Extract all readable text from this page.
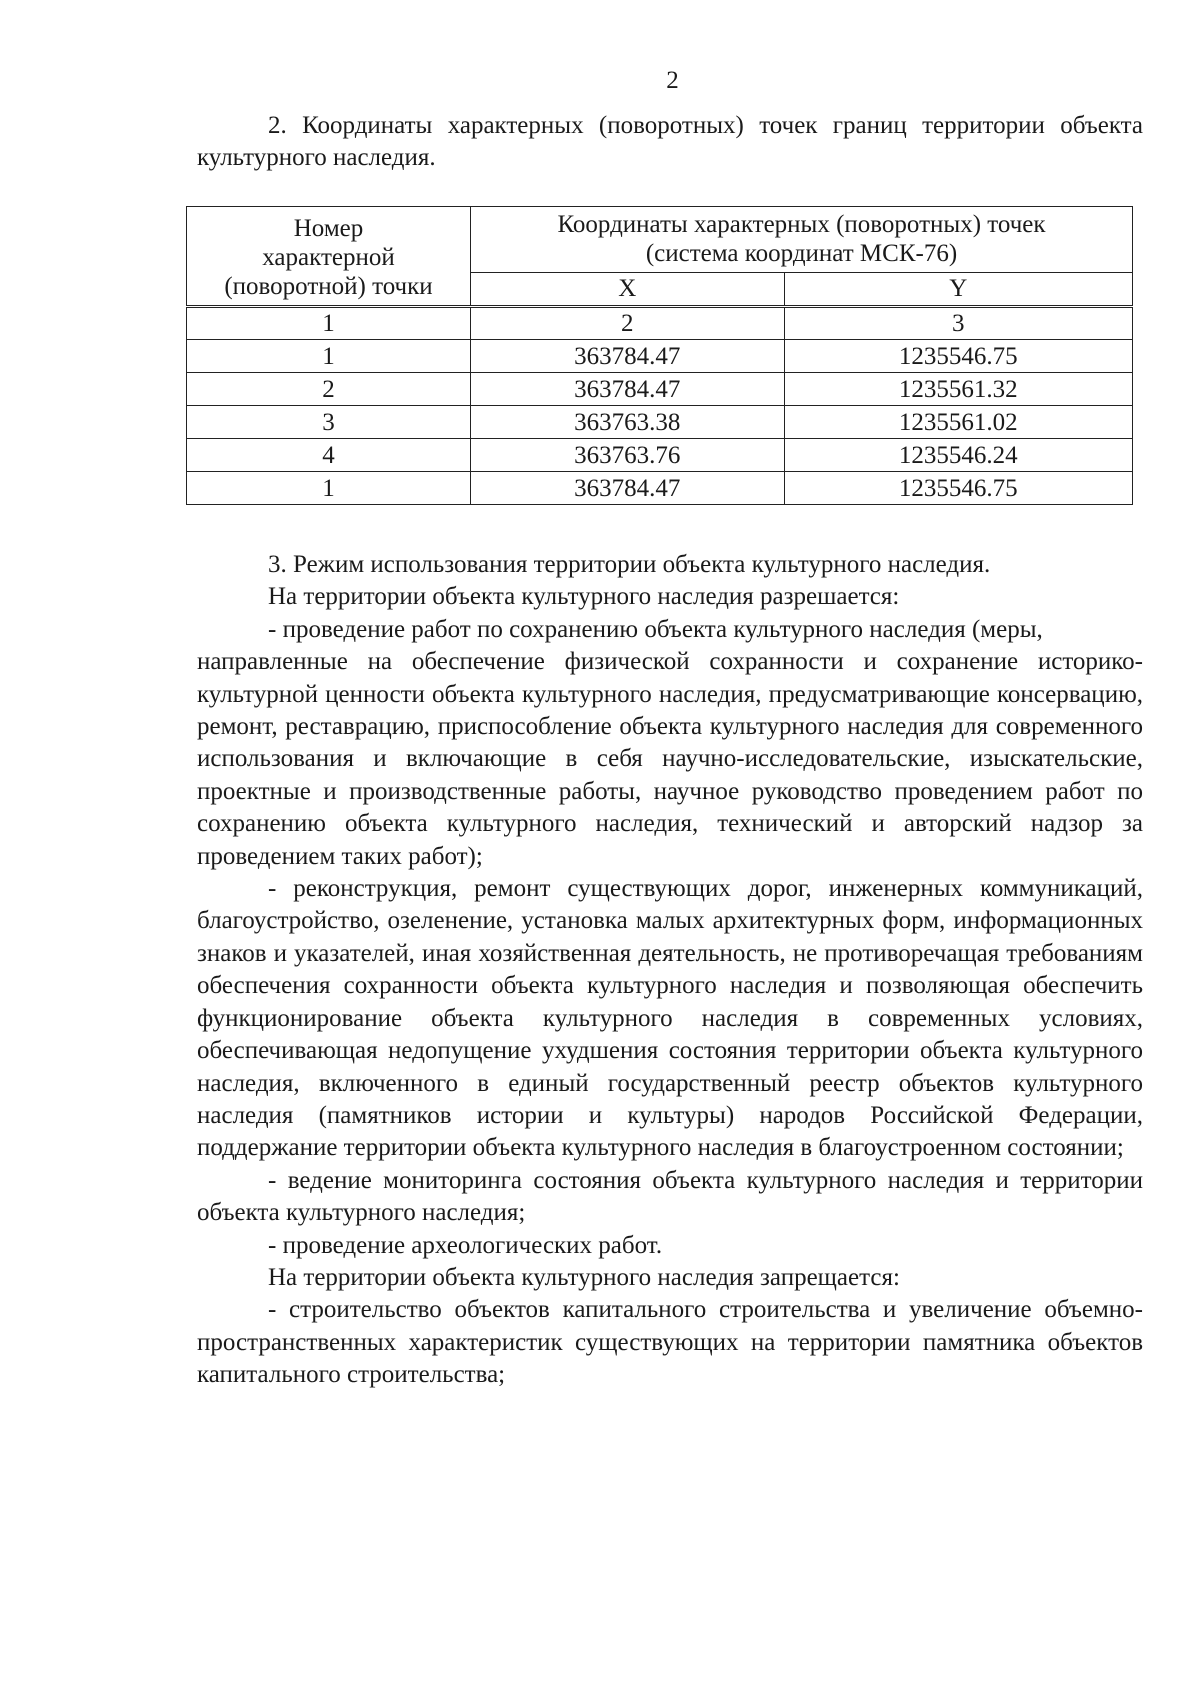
2

2. Координаты характерных (поворотных) точек границ территории объекта культурного наследия.

Номер
характерной
(поворотной) точки	Координаты характерных (поворотных) точек
(система координат МСК-76)	
	X	Y
1	2	3
1	363784.47	1235546.75
2	363784.47	1235561.32
3	363763.38	1235561.02
4	363763.76	1235546.24
1	363784.47	1235546.75

3. Режим использования территории объекта культурного наследия.

На территории объекта культурного наследия разрешается:

- проведение работ по сохранению объекта культурного наследия (меры,

направленные на обеспечение физической сохранности и сохранение историко-культурной ценности объекта культурного наследия, предусматривающие консервацию, ремонт, реставрацию, приспособление объекта культурного наследия для современного использования и включающие в себя научно-исследовательские, изыскательские, проектные и производственные работы, научное руководство проведением работ по сохранению объекта культурного наследия, технический и авторский надзор за проведением таких работ);

- реконструкция, ремонт существующих дорог, инженерных коммуникаций, благоустройство, озеленение, установка малых архитектурных форм, информационных знаков и указателей, иная хозяйственная деятельность, не противоречащая требованиям обеспечения сохранности объекта культурного наследия и позволяющая обеспечить функционирование объекта культурного наследия в современных условиях, обеспечивающая недопущение ухудшения состояния территории объекта культурного наследия, включенного в единый государственный реестр объектов культурного наследия (памятников истории и культуры) народов Российской Федерации, поддержание территории объекта культурного наследия в благоустроенном состоянии;

- ведение мониторинга состояния объекта культурного наследия и территории объекта культурного наследия;

- проведение археологических работ.

На территории объекта культурного наследия запрещается:

- строительство объектов капитального строительства и увеличение объемно-пространственных характеристик существующих на территории памятника объектов капитального строительства;
